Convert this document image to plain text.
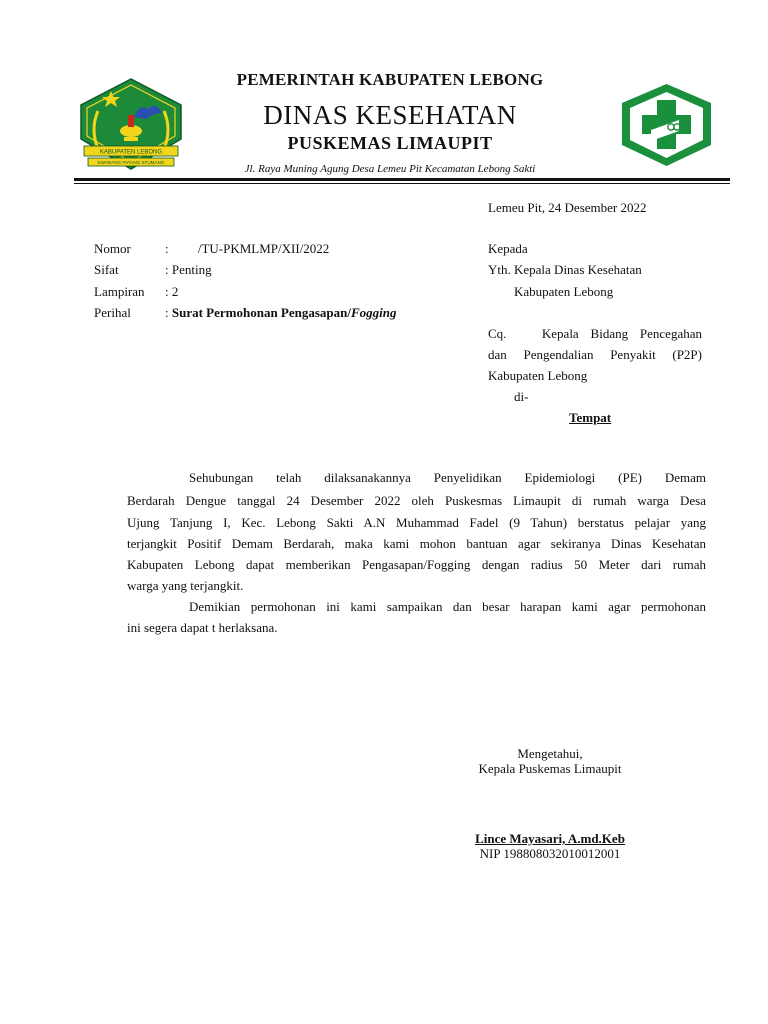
KABUPATEN LEBONG
SWARANG PATANG STUMANG
PEMERINTAH KABUPATEN LEBONG
DINAS KESEHATAN
PUSKEMAS LIMAUPIT
Jl. Raya Muning Agung Desa Lemeu Pit Kecamatan Lebong Sakti
Lemeu Pit, 24 Desember 2022
Nomor	:         /TU-PKMLMP/XII/2022
Sifat	: Penting
Lampiran : 2
Perihal	: Surat Permohonan Pengasapan/Fogging
Kepada
Yth. Kepala Dinas Kesehatan
Kabupaten Lebong
Cq.   Kepala Bidang Pencegahan
dan Pengendalian Penyakit (P2P)
Kabupaten Lebong
di-
Tempat
Sehubungan telah dilaksanakannya Penyelidikan Epidemiologi (PE) Demam
Berdarah Dengue tanggal 24 Desember 2022 oleh Puskesmas Limaupit di rumah warga Desa
Ujung Tanjung I, Kec. Lebong Sakti A.N Muhammad Fadel (9 Tahun) berstatus pelajar yang
terjangkit Positif Demam Berdarah, maka kami mohon bantuan agar sekiranya Dinas Kesehatan
Kabupaten Lebong dapat memberikan Pengasapan/Fogging dengan radius 50 Meter dari rumah
warga yang terjangkit.
Demikian permohonan ini kami sampaikan dan besar harapan kami agar permohonan
ini segera dapat t herlaksana.
Mengetahui,
Kepala Puskemas Limaupit
Lince Mayasari, A.md.Keb
NIP 198808032010012001
